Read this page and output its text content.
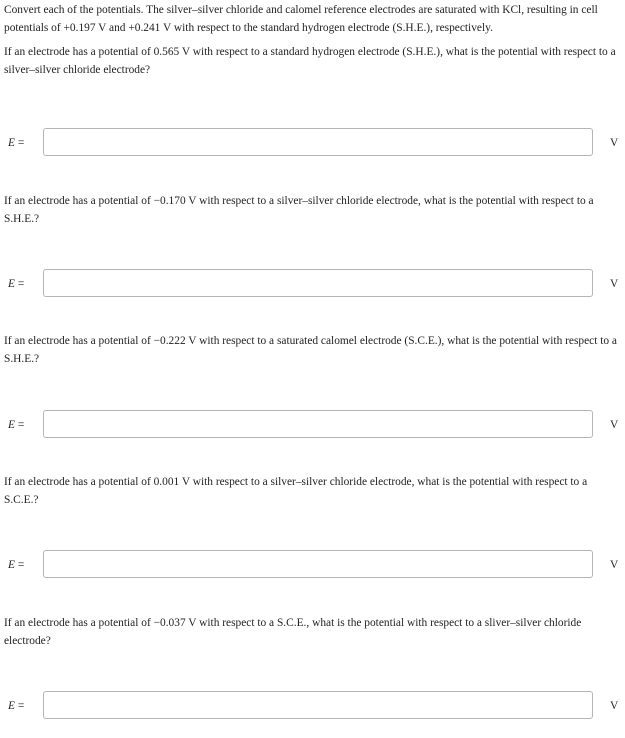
Convert each of the potentials. The silver–silver chloride and calomel reference electrodes are saturated with KCl, resulting in cell potentials of +0.197 V and +0.241 V with respect to the standard hydrogen electrode (S.H.E.), respectively.
If an electrode has a potential of 0.565 V with respect to a standard hydrogen electrode (S.H.E.), what is the potential with respect to a silver–silver chloride electrode?
E =	V
If an electrode has a potential of −0.170 V with respect to a silver–silver chloride electrode, what is the potential with respect to a S.H.E.?
E =	V
If an electrode has a potential of −0.222 V with respect to a saturated calomel electrode (S.C.E.), what is the potential with respect to a S.H.E.?
E =	V
If an electrode has a potential of 0.001 V with respect to a silver–silver chloride electrode, what is the potential with respect to a S.C.E.?
E =	V
If an electrode has a potential of −0.037 V with respect to a S.C.E., what is the potential with respect to a sliver–silver chloride electrode?
E =	V
